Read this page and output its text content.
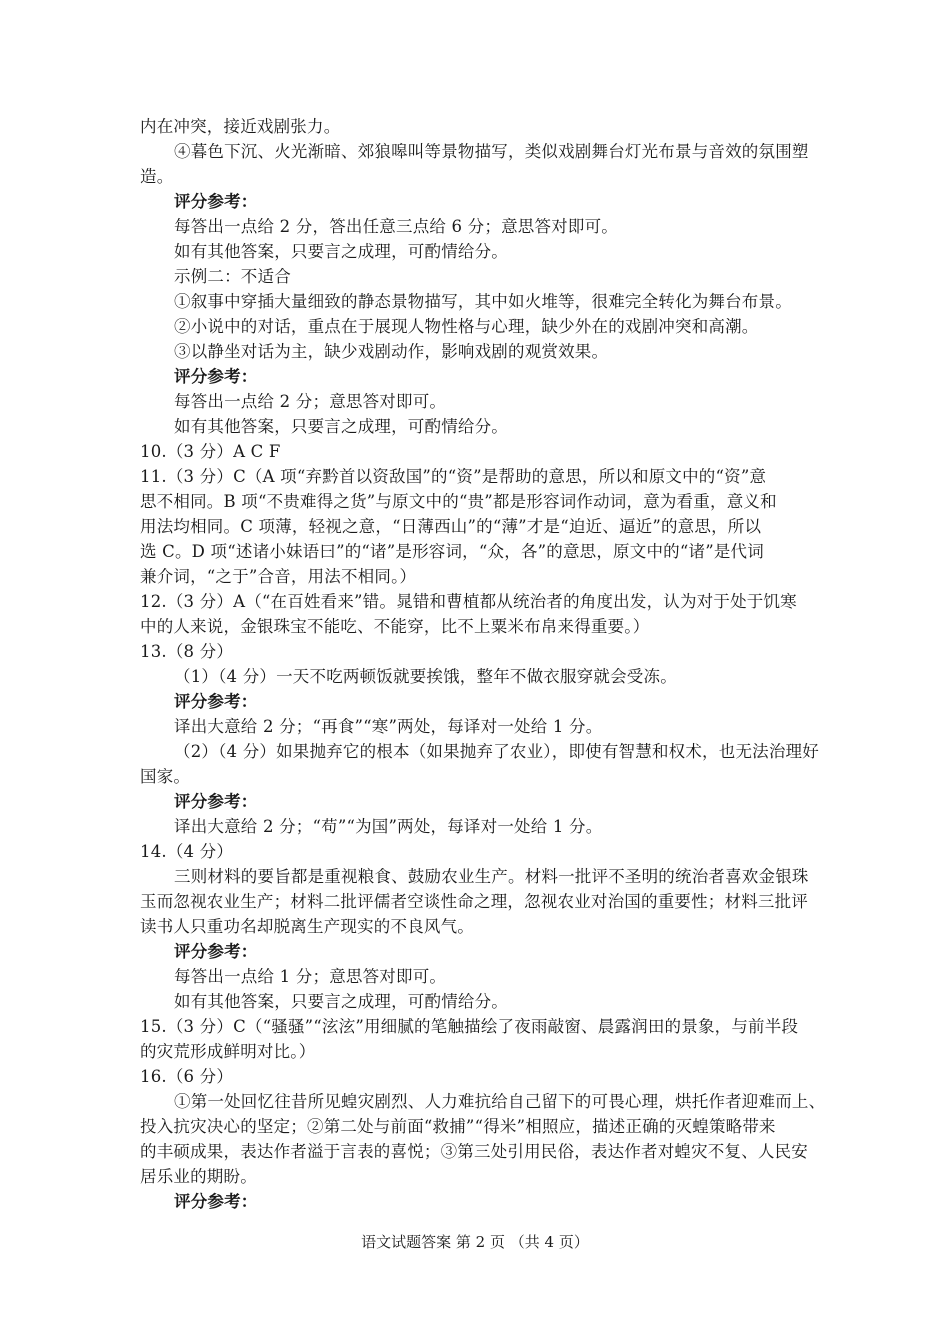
内在冲突，接近戏剧张力。
④暮色下沉、火光渐暗、郊狼嗥叫等景物描写，类似戏剧舞台灯光布景与音效的氛围塑
造。
评分参考：
每答出一点给 2 分，答出任意三点给 6 分；意思答对即可。
如有其他答案，只要言之成理，可酌情给分。
示例二：不适合
①叙事中穿插大量细致的静态景物描写，其中如火堆等，很难完全转化为舞台布景。
②小说中的对话，重点在于展现人物性格与心理，缺少外在的戏剧冲突和高潮。
③以静坐对话为主，缺少戏剧动作，影响戏剧的观赏效果。
评分参考：
每答出一点给 2 分；意思答对即可。
如有其他答案，只要言之成理，可酌情给分。
10.（3 分）A C F
11.（3 分）C（A 项“弃黔首以资敌国”的“资”是帮助的意思，所以和原文中的“资”意
思不相同。B 项“不贵难得之货”与原文中的“贵”都是形容词作动词，意为看重，意义和
用法均相同。C 项薄，轻视之意，“日薄西山”的“薄”才是“迫近、逼近”的意思，所以
选 C。D 项“述诸小妹语曰”的“诸”是形容词，“众，各”的意思，原文中的“诸”是代词
兼介词，“之于”合音，用法不相同。）
12.（3 分）A（“在百姓看来”错。晁错和曹植都从统治者的角度出发，认为对于处于饥寒
中的人来说，金银珠宝不能吃、不能穿，比不上粟米布帛来得重要。）
13.（8 分）
（1）（4 分）一天不吃两顿饭就要挨饿，整年不做衣服穿就会受冻。
评分参考：
译出大意给 2 分；“再食”“寒”两处，每译对一处给 1 分。
（2）（4 分）如果抛弃它的根本（如果抛弃了农业），即使有智慧和权术，也无法治理好
国家。
评分参考：
译出大意给 2 分；“苟”“为国”两处，每译对一处给 1 分。
14.（4 分）
三则材料的要旨都是重视粮食、鼓励农业生产。材料一批评不圣明的统治者喜欢金银珠
玉而忽视农业生产；材料二批评儒者空谈性命之理，忽视农业对治国的重要性；材料三批评
读书人只重功名却脱离生产现实的不良风气。
评分参考：
每答出一点给 1 分；意思答对即可。
如有其他答案，只要言之成理，可酌情给分。
15.（3 分）C（“骚骚”“泫泫”用细腻的笔触描绘了夜雨敲窗、晨露润田的景象，与前半段
的灾荒形成鲜明对比。）
16.（6 分）
①第一处回忆往昔所见蝗灾剧烈、人力难抗给自己留下的可畏心理，烘托作者迎难而上、
投入抗灾决心的坚定；②第二处与前面“救捕”“得米”相照应，描述正确的灭蝗策略带来
的丰硕成果，表达作者溢于言表的喜悦；③第三处引用民俗，表达作者对蝗灾不复、人民安
居乐业的期盼。
评分参考：
语文试题答案 第 2 页 （共 4 页）
